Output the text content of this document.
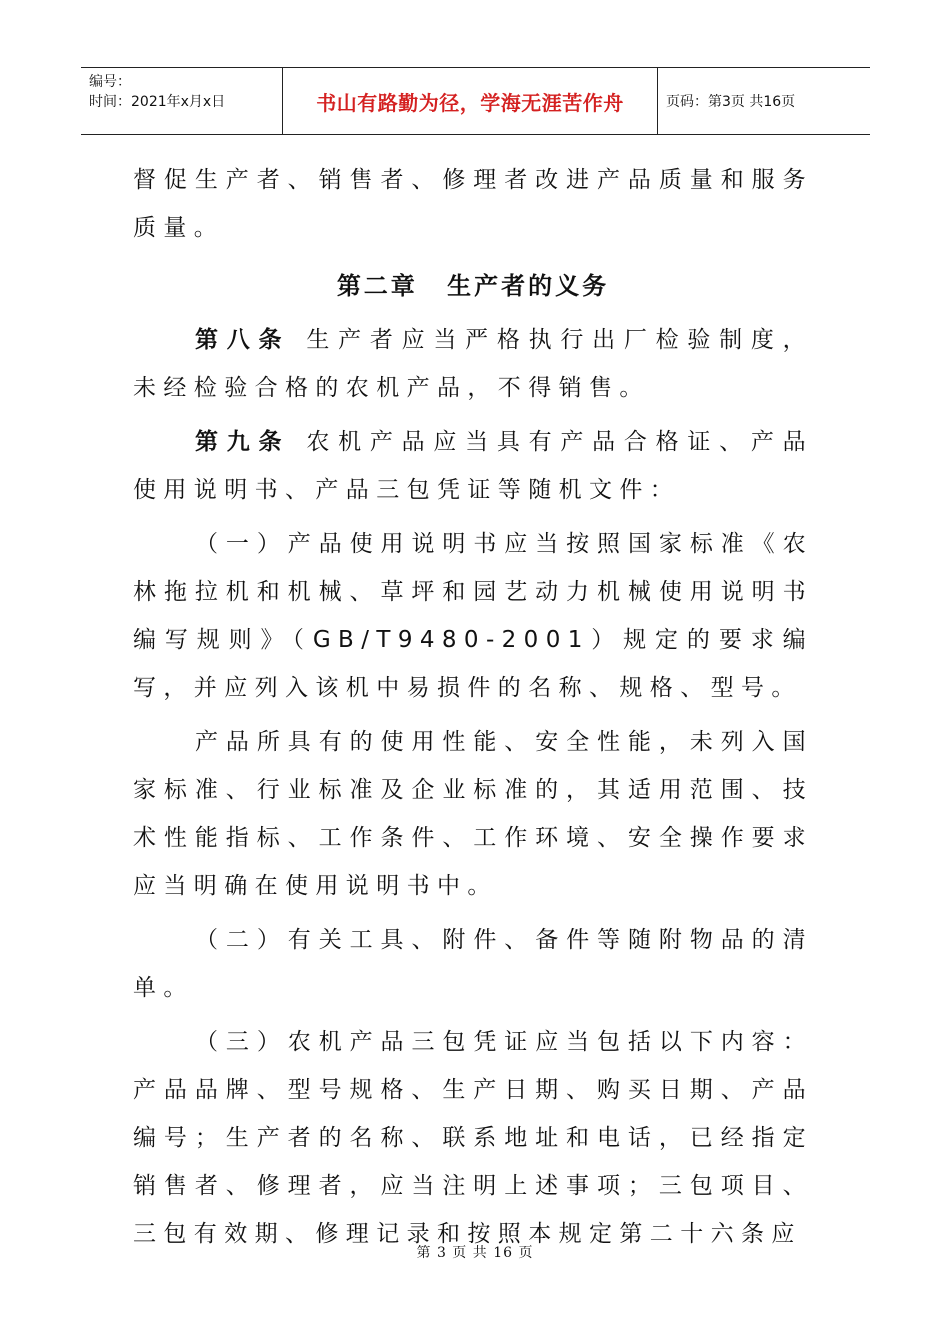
编号：
时间：2021年x月x日	书山有路勤为径，学海无涯苦作舟	页码：第3页 共16页

督促生产者、销售者、修理者改进产品质量和服务质量。

第二章 生产者的义务

第八条 生产者应当严格执行出厂检验制度，未经检验合格的农机产品，不得销售。

第九条 农机产品应当具有产品合格证、产品使用说明书、产品三包凭证等随机文件：

（一）产品使用说明书应当按照国家标准《农林拖拉机和机械、草坪和园艺动力机械使用说明书编写规则》（GB/T9480-2001）规定的要求编写，并应列入该机中易损件的名称、规格、型号。

产品所具有的使用性能、安全性能，未列入国家标准、行业标准及企业标准的，其适用范围、技术性能指标、工作条件、工作环境、安全操作要求应当明确在使用说明书中。

（二）有关工具、附件、备件等随附物品的清单。

（三）农机产品三包凭证应当包括以下内容：产品品牌、型号规格、生产日期、购买日期、产品编号；生产者的名称、联系地址和电话，已经指定销售者、修理者，应当注明上述事项；三包项目、三包有效期、修理记录和按照本规定第二十六条应

第 3 页 共 16 页
